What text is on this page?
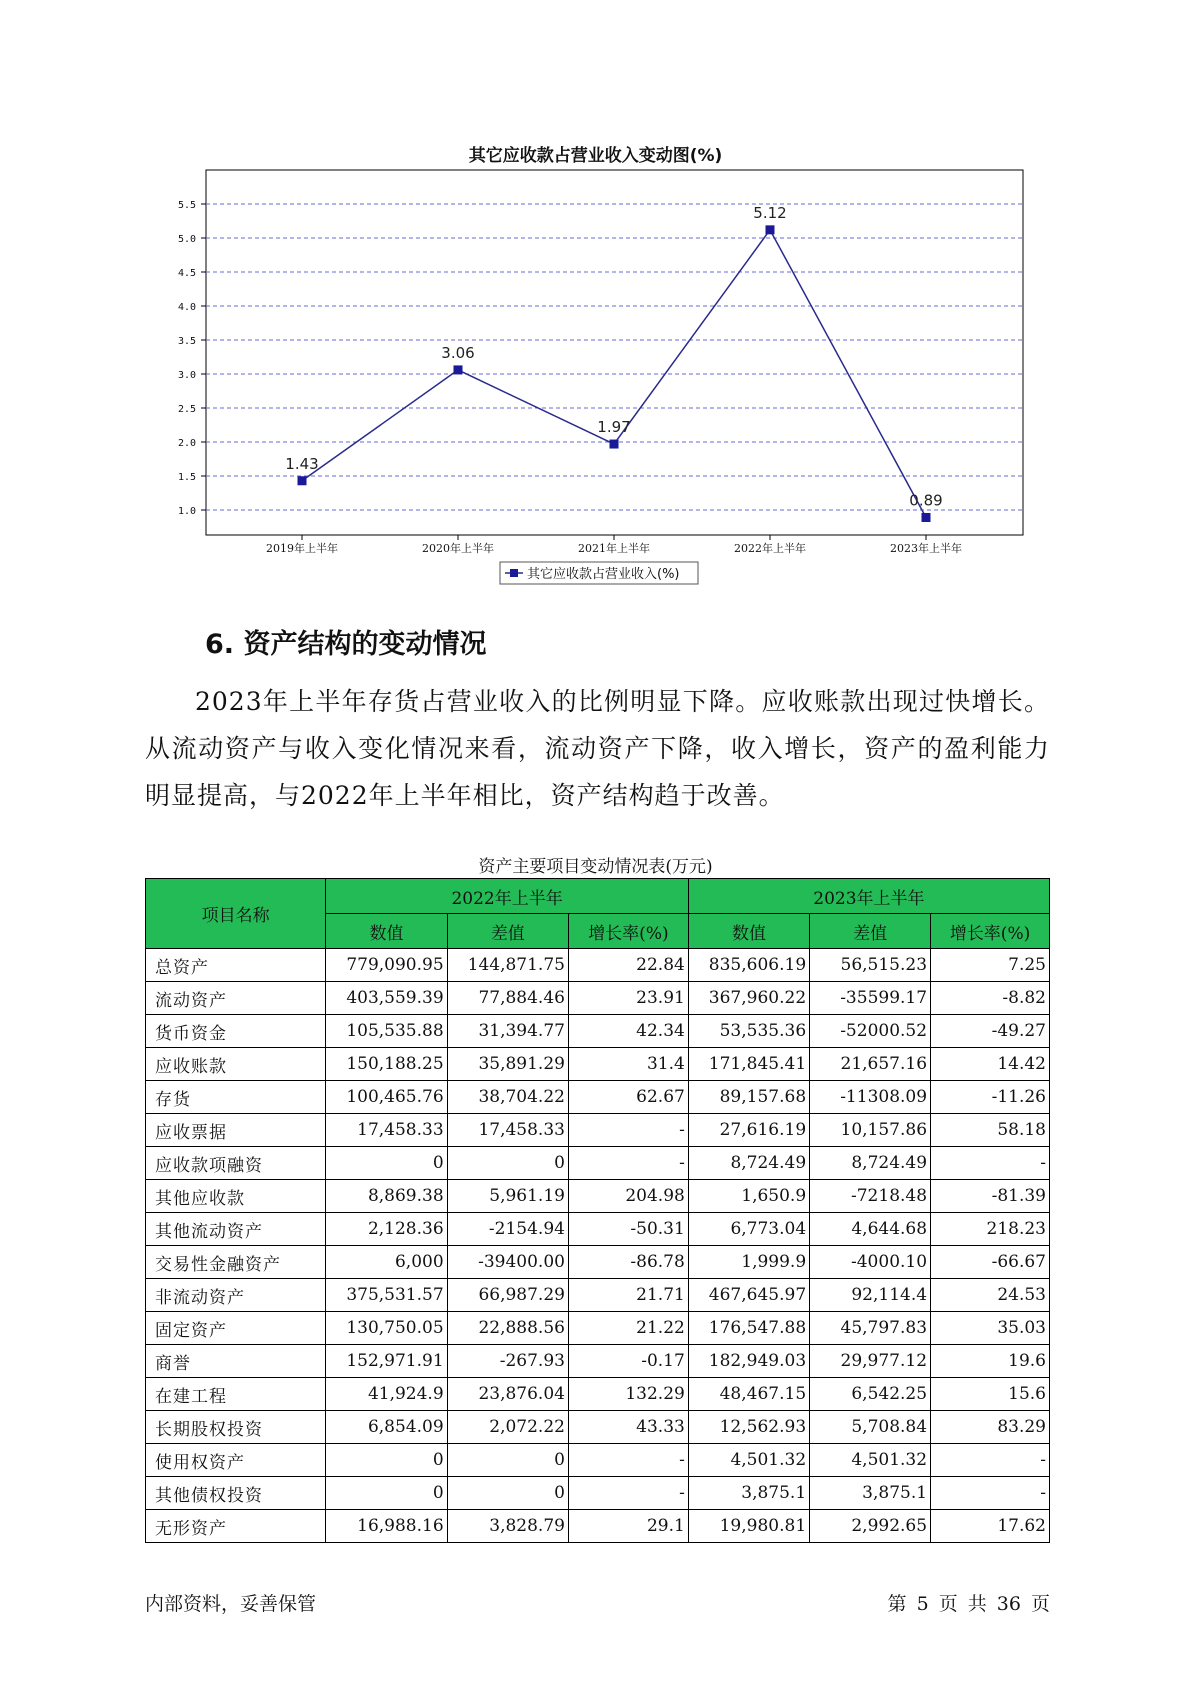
其它应收款占营业收入变动图(%)
1.0
1.5
2.0
2.5
3.0
3.5
4.0
4.5
5.0
5.5
2019年上半年	2020年上半年	2021年上半年	2022年上半年	2023年上半年
1.43
3.06
1.97
5.12
0.89
其它应收款占营业收入(%)
6. 资产结构的变动情况
2023年上半年存货占营业收入的比例明显下降。应收账款出现过快增长。从流动资产与收入变化情况来看，流动资产下降，收入增长，资产的盈利能力明显提高，与2022年上半年相比，资产结构趋于改善。
资产主要项目变动情况表(万元)
项目名称	2022年上半年			2023年上半年		
	数值	差值	增长率(%)	数值	差值	增长率(%)
总资产	779,090.95	144,871.75	22.84	835,606.19	56,515.23	7.25
流动资产	403,559.39	77,884.46	23.91	367,960.22	-35599.17	-8.82
货币资金	105,535.88	31,394.77	42.34	53,535.36	-52000.52	-49.27
应收账款	150,188.25	35,891.29	31.4	171,845.41	21,657.16	14.42
存货	100,465.76	38,704.22	62.67	89,157.68	-11308.09	-11.26
应收票据	17,458.33	17,458.33	-	27,616.19	10,157.86	58.18
应收款项融资	0	0	-	8,724.49	8,724.49	-
其他应收款	8,869.38	5,961.19	204.98	1,650.9	-7218.48	-81.39
其他流动资产	2,128.36	-2154.94	-50.31	6,773.04	4,644.68	218.23
交易性金融资产	6,000	-39400.00	-86.78	1,999.9	-4000.10	-66.67
非流动资产	375,531.57	66,987.29	21.71	467,645.97	92,114.4	24.53
固定资产	130,750.05	22,888.56	21.22	176,547.88	45,797.83	35.03
商誉	152,971.91	-267.93	-0.17	182,949.03	29,977.12	19.6
在建工程	41,924.9	23,876.04	132.29	48,467.15	6,542.25	15.6
长期股权投资	6,854.09	2,072.22	43.33	12,562.93	5,708.84	83.29
使用权资产	0	0	-	4,501.32	4,501.32	-
其他债权投资	0	0	-	3,875.1	3,875.1	-
无形资产	16,988.16	3,828.79	29.1	19,980.81	2,992.65	17.62
内部资料，妥善保管	第 5 页 共 36 页
